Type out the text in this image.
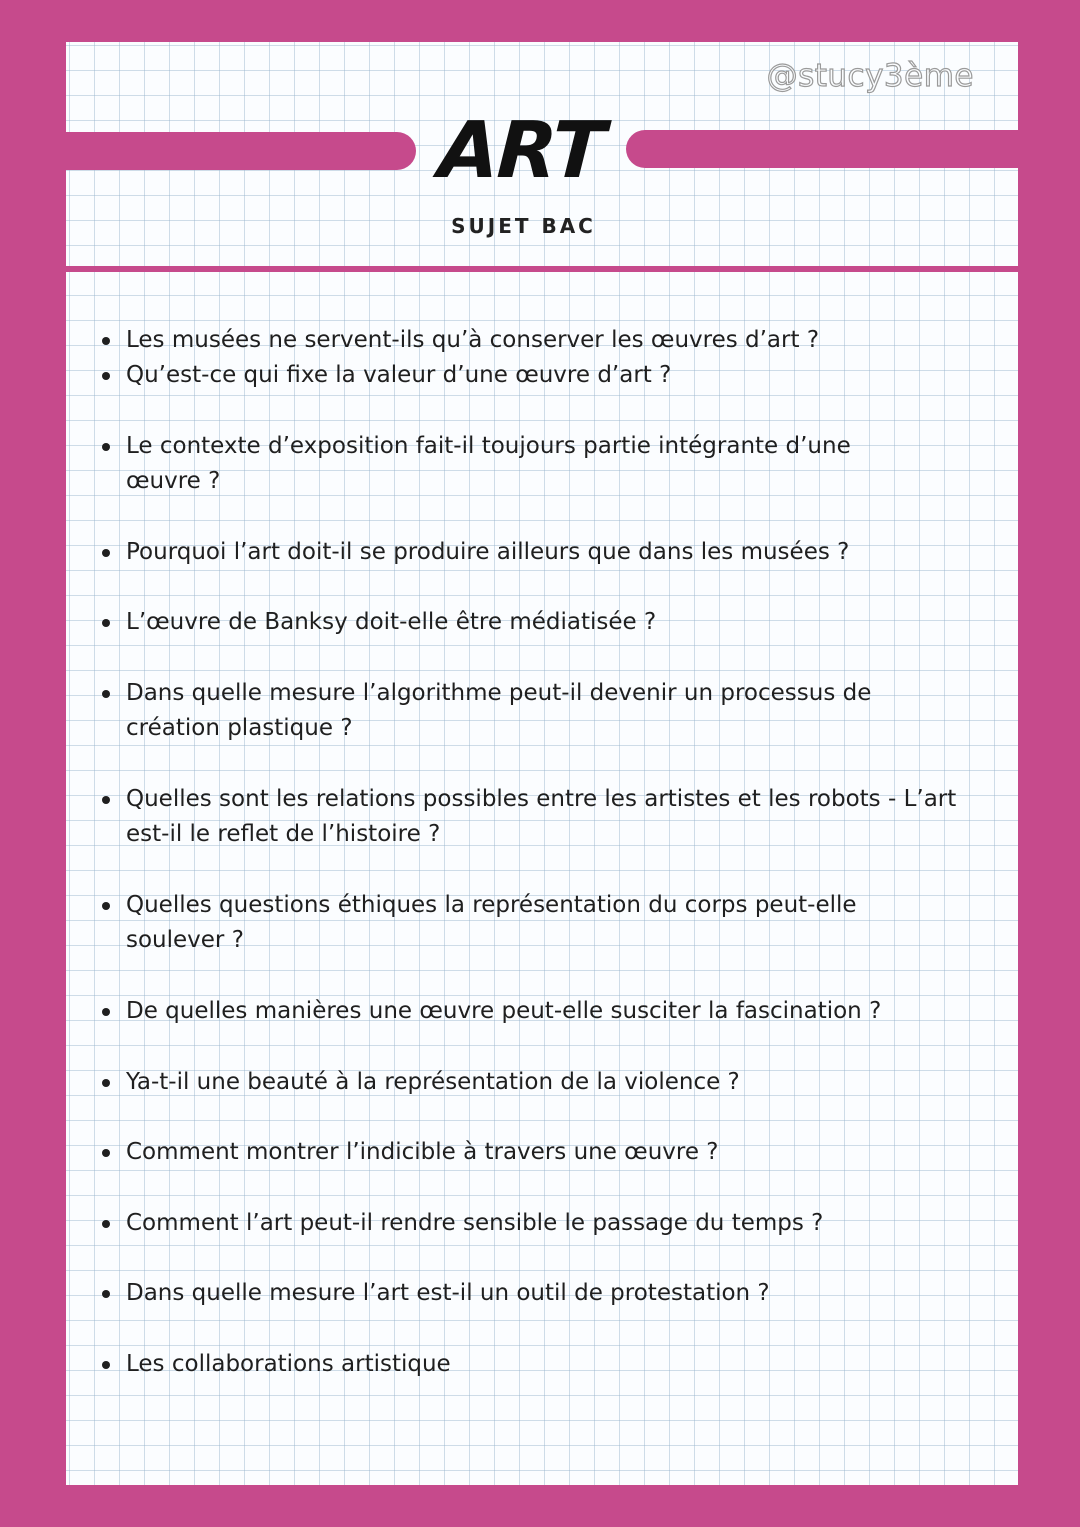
@stucy3ème
ART
SUJET BAC
Les musées ne servent-ils qu’à conserver les œuvres d’art ?
Qu’est-ce qui fixe la valeur d’une œuvre d’art ?
Le contexte d’exposition fait-il toujours partie intégrante d’une œuvre ?
Pourquoi l’art doit-il se produire ailleurs que dans les musées ?
L’œuvre de Banksy doit-elle être médiatisée ?
Dans quelle mesure l’algorithme peut-il devenir un processus de création plastique ?
Quelles sont les relations possibles entre les artistes et les robots - L’art est-il le reflet de l’histoire ?
Quelles questions éthiques la représentation du corps peut-elle soulever ?
De quelles manières une œuvre peut-elle susciter la fascination ?
Ya-t-il une beauté à la représentation de la violence ?
Comment montrer l’indicible à travers une œuvre ?
Comment l’art peut-il rendre sensible le passage du temps ?
Dans quelle mesure l’art est-il un outil de protestation ?
Les collaborations artistique
